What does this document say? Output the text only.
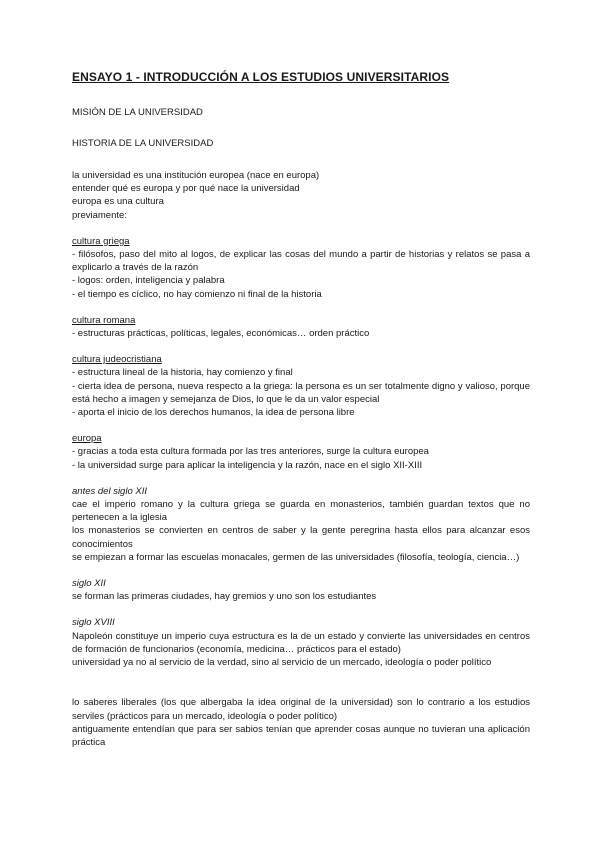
ENSAYO 1 - INTRODUCCIÓN A LOS ESTUDIOS UNIVERSITARIOS
MISIÓN DE LA UNIVERSIDAD
HISTORIA DE LA UNIVERSIDAD
la universidad es una institución europea (nace en europa)
entender qué es europa y por qué nace la universidad
europa es una cultura
previamente:
cultura griega
- filósofos, paso del mito al logos, de explicar las cosas del mundo a partir de historias y relatos se pasa a explicarlo a través de la razón
- logos: orden, inteligencia y palabra
- el tiempo es cíclico, no hay comienzo ni final de la historia
cultura romana
- estructuras prácticas, políticas, legales, económicas… orden práctico
cultura judeocristiana
- estructura lineal de la historia, hay comienzo y final
- cierta idea de persona, nueva respecto a la griega: la persona es un ser totalmente digno y valioso, porque está hecho a imagen y semejanza de Dios, lo que le da un valor especial
- aporta el inicio de los derechos humanos, la idea de persona libre
europa
- gracias a toda esta cultura formada por las tres anteriores, surge la cultura europea
- la universidad surge para aplicar la inteligencia y la razón, nace en el siglo XII-XIII
antes del siglo XII
cae el imperio romano y la cultura griega se guarda en monasterios, también guardan textos que no pertenecen a la iglesia
los monasterios se convierten en centros de saber y la gente peregrina hasta ellos para alcanzar esos conocimientos
se empiezan a formar las escuelas monacales, germen de las universidades (filosofía, teología, ciencia…)
siglo XII
se forman las primeras ciudades, hay gremios y uno son los estudiantes
siglo XVIII
Napoleón constituye un imperio cuya estructura es la de un estado y convierte las universidades en centros de formación de funcionarios (economía, medicina… prácticos para el estado)
universidad ya no al servicio de la verdad, sino al servicio de un mercado, ideología o poder político
lo saberes liberales (los que albergaba la idea original de la universidad) son lo contrario a los estudios serviles (prácticos para un mercado, ideología o poder político)
antiguamente entendían que para ser sabios tenían que aprender cosas aunque no tuvieran una aplicación práctica
